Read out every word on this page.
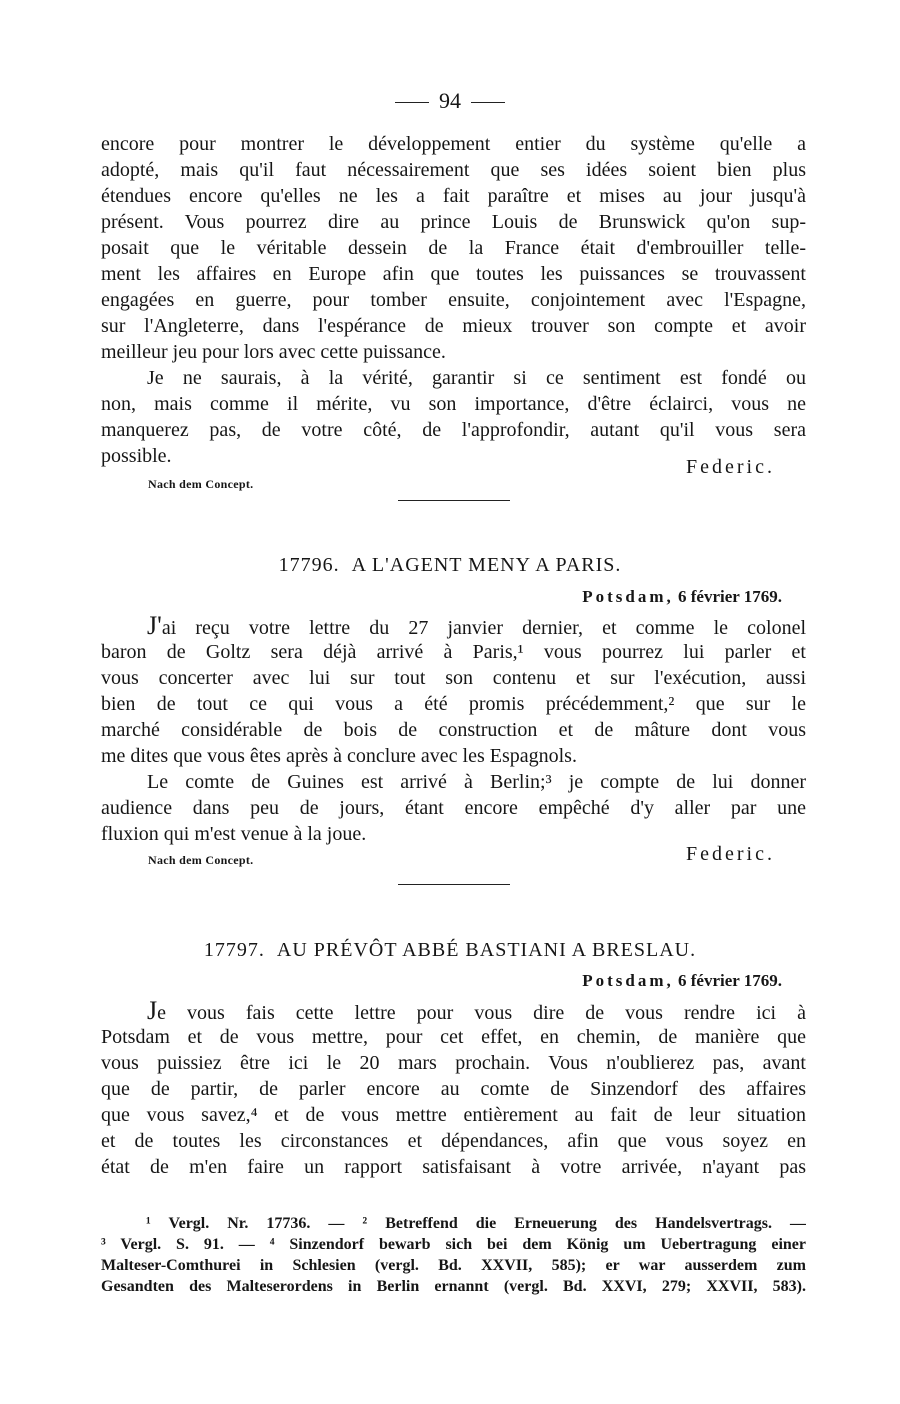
94
encore pour montrer le développement entier du système qu'elle a
adopté, mais qu'il faut nécessairement que ses idées soient bien plus
étendues encore qu'elles ne les a fait paraître et mises au jour jusqu'à
présent. Vous pourrez dire au prince Louis de Brunswick qu'on sup-
posait que le véritable dessein de la France était d'embrouiller telle-
ment les affaires en Europe afin que toutes les puissances se trouvassent
engagées en guerre, pour tomber ensuite, conjointement avec l'Espagne,
sur l'Angleterre, dans l'espérance de mieux trouver son compte et avoir
meilleur jeu pour lors avec cette puissance.
Je ne saurais, à la vérité, garantir si ce sentiment est fondé ou
non, mais comme il mérite, vu son importance, d'être éclairci, vous ne
manquerez pas, de votre côté, de l'approfondir, autant qu'il vous sera
possible.
Nach dem Concept.
Federic.
17796. A L'AGENT MENY A PARIS.
Potsdam, 6 février 1769.
J'ai reçu votre lettre du 27 janvier dernier, et comme le colonel
baron de Goltz sera déjà arrivé à Paris,¹ vous pourrez lui parler et
vous concerter avec lui sur tout son contenu et sur l'exécution, aussi
bien de tout ce qui vous a été promis précédemment,² que sur le
marché considérable de bois de construction et de mâture dont vous
me dites que vous êtes après à conclure avec les Espagnols.
Le comte de Guines est arrivé à Berlin;³ je compte de lui donner
audience dans peu de jours, étant encore empêché d'y aller par une
fluxion qui m'est venue à la joue.
Nach dem Concept.	Federic.
17797. AU PRÉVÔT ABBÉ BASTIANI A BRESLAU.
Potsdam, 6 février 1769.
Je vous fais cette lettre pour vous dire de vous rendre ici à
Potsdam et de vous mettre, pour cet effet, en chemin, de manière que
vous puissiez être ici le 20 mars prochain. Vous n'oublierez pas, avant
que de partir, de parler encore au comte de Sinzendorf des affaires
que vous savez,⁴ et de vous mettre entièrement au fait de leur situation
et de toutes les circonstances et dépendances, afin que vous soyez en
état de m'en faire un rapport satisfaisant à votre arrivée, n'ayant pas
¹ Vergl. Nr. 17736. — ² Betreffend die Erneuerung des Handelsvertrags. —
³ Vergl. S. 91. — ⁴ Sinzendorf bewarb sich bei dem König um Uebertragung einer
Malteser-Comthurei in Schlesien (vergl. Bd. XXVII, 585); er war ausserdem zum
Gesandten des Malteserordens in Berlin ernannt (vergl. Bd. XXVI, 279; XXVII, 583).
